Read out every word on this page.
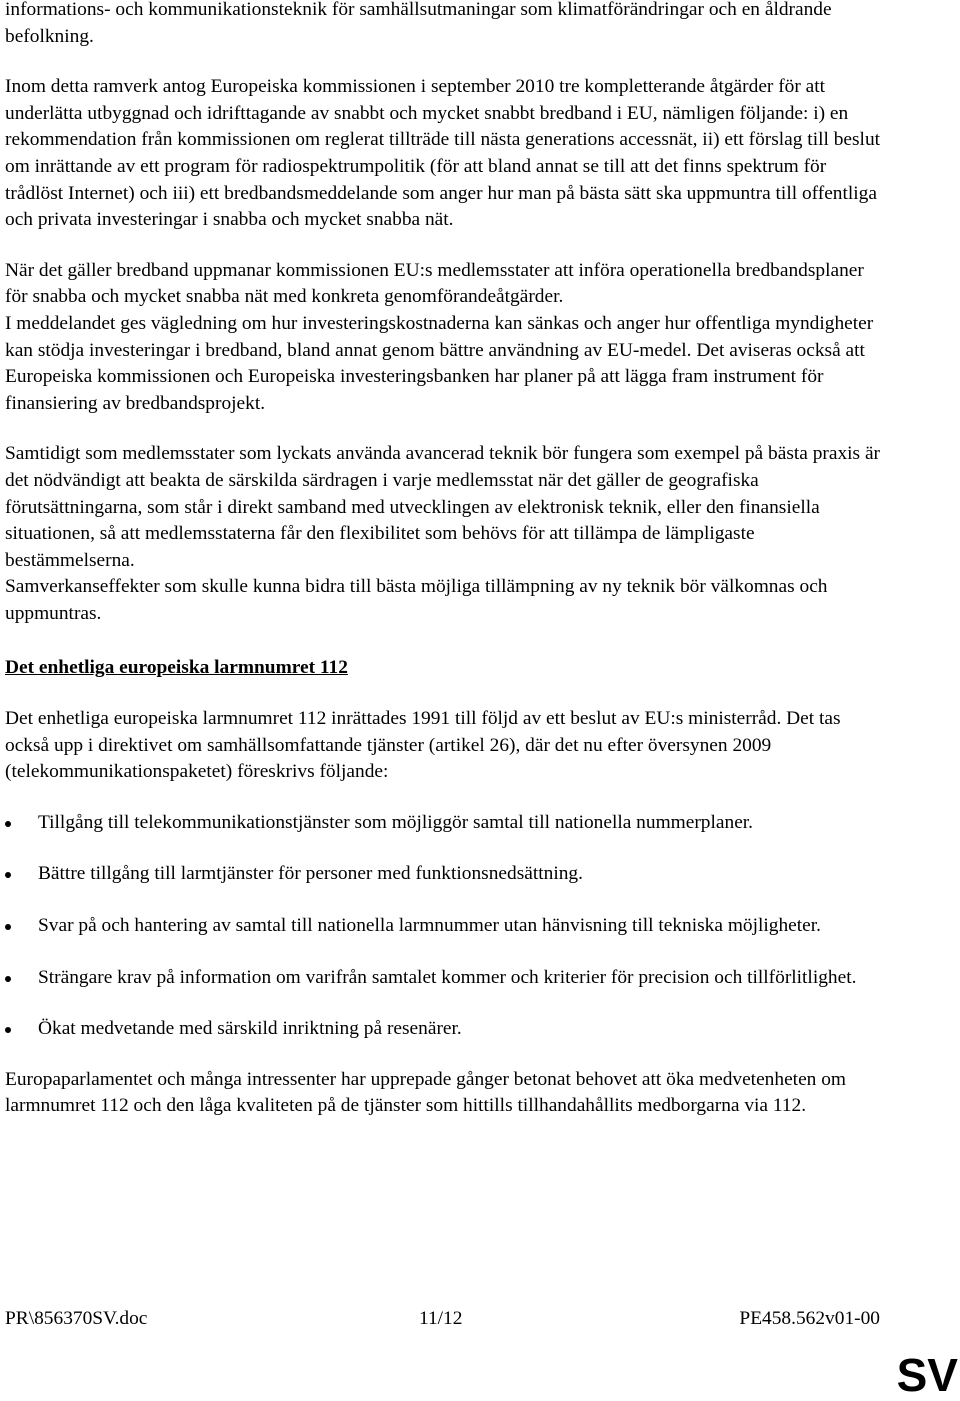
informations- och kommunikationsteknik för samhällsutmaningar som klimatförändringar och en åldrande befolkning.

Inom detta ramverk antog Europeiska kommissionen i september 2010 tre kompletterande åtgärder för att underlätta utbyggnad och idrifttagande av snabbt och mycket snabbt bredband i EU, nämligen följande: i) en rekommendation från kommissionen om reglerat tillträde till nästa generations accessnät, ii) ett förslag till beslut om inrättande av ett program för radiospektrumpolitik (för att bland annat se till att det finns spektrum för trådlöst Internet) och iii) ett bredbandsmeddelande som anger hur man på bästa sätt ska uppmuntra till offentliga och privata investeringar i snabba och mycket snabba nät.

När det gäller bredband uppmanar kommissionen EU:s medlemsstater att införa operationella bredbandsplaner för snabba och mycket snabba nät med konkreta genomförandeåtgärder.

I meddelandet ges vägledning om hur investeringskostnaderna kan sänkas och anger hur offentliga myndigheter kan stödja investeringar i bredband, bland annat genom bättre användning av EU-medel. Det aviseras också att Europeiska kommissionen och Europeiska investeringsbanken har planer på att lägga fram instrument för finansiering av bredbandsprojekt.

Samtidigt som medlemsstater som lyckats använda avancerad teknik bör fungera som exempel på bästa praxis är det nödvändigt att beakta de särskilda särdragen i varje medlemsstat när det gäller de geografiska förutsättningarna, som står i direkt samband med utvecklingen av elektronisk teknik, eller den finansiella situationen, så att medlemsstaterna får den flexibilitet som behövs för att tillämpa de lämpligaste bestämmelserna.

Samverkanseffekter som skulle kunna bidra till bästa möjliga tillämpning av ny teknik bör välkomnas och uppmuntras.

Det enhetliga europeiska larmnumret 112

Det enhetliga europeiska larmnumret 112 inrättades 1991 till följd av ett beslut av EU:s ministerråd. Det tas också upp i direktivet om samhällsomfattande tjänster (artikel 26), där det nu efter översynen 2009 (telekommunikationspaketet) föreskrivs följande:

Tillgång till telekommunikationstjänster som möjliggör samtal till nationella nummerplaner.
Bättre tillgång till larmtjänster för personer med funktionsnedsättning.
Svar på och hantering av samtal till nationella larmnummer utan hänvisning till tekniska möjligheter.
Strängare krav på information om varifrån samtalet kommer och kriterier för precision och tillförlitlighet.
Ökat medvetande med särskild inriktning på resenärer.

Europaparlamentet och många intressenter har upprepade gånger betonat behovet att öka medvetenheten om larmnumret 112 och den låga kvaliteten på de tjänster som hittills tillhandahållits medborgarna via 112.

PR\856370SV.doc	11/12	PE458.562v01-00
SV
